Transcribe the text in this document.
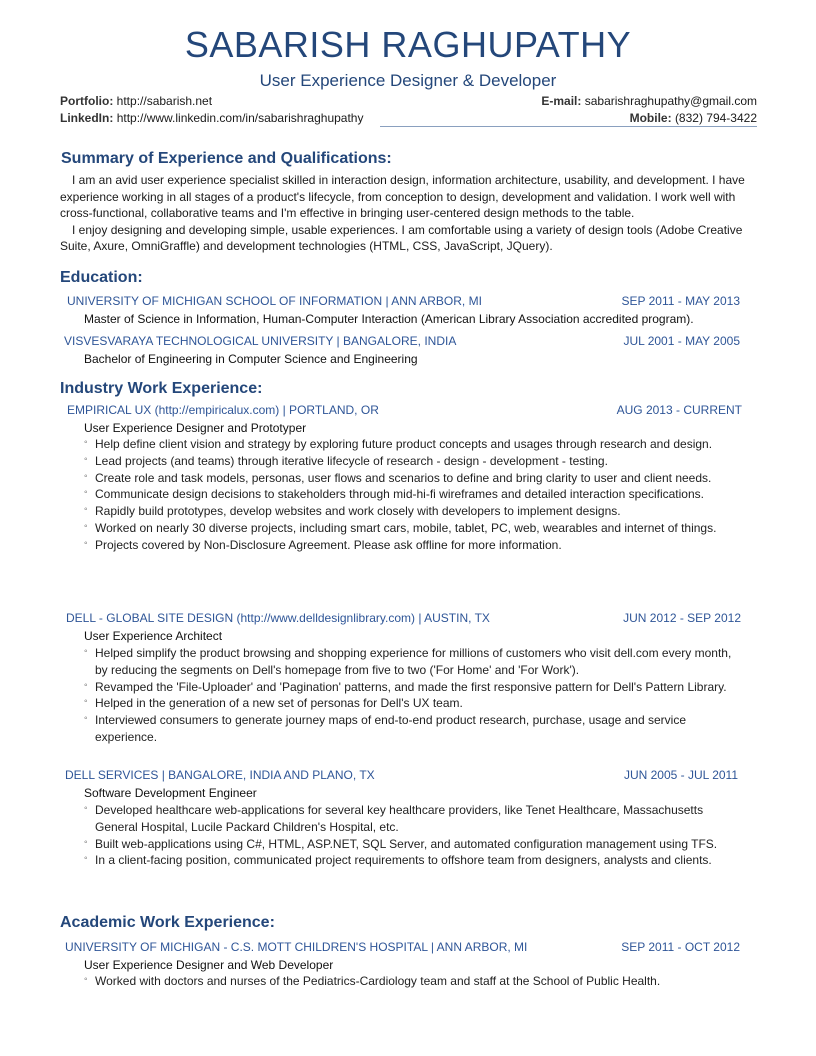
SABARISH RAGHUPATHY
User Experience Designer & Developer
Portfolio: http://sabarish.net	E-mail: sabarishraghupathy@gmail.com
LinkedIn: http://www.linkedin.com/in/sabarishraghupathy	Mobile: (832) 794-3422
Summary of Experience and Qualifications:

I am an avid user experience specialist skilled in interaction design, information architecture, usability, and development. I have experience working in all stages of a product's lifecycle, from conception to design, development and validation. I work well with cross-functional, collaborative teams and I'm effective in bringing user-centered design methods to the table.

I enjoy designing and developing simple, usable experiences. I am comfortable using a variety of design tools (Adobe Creative Suite, Axure, OmniGraffle) and development technologies (HTML, CSS, JavaScript, JQuery).

Education:
UNIVERSITY OF MICHIGAN SCHOOL OF INFORMATION | ANN ARBOR, MI	SEP 2011 - MAY 2013
Master of Science in Information, Human-Computer Interaction (American Library Association accredited program).
VISVESVARAYA TECHNOLOGICAL UNIVERSITY | BANGALORE, INDIA	JUL 2001 - MAY 2005
Bachelor of Engineering in Computer Science and Engineering
Industry Work Experience:
EMPIRICAL UX (http://empiricalux.com) | PORTLAND, OR	AUG 2013 - CURRENT
User Experience Designer and Prototyper
◦ Help define client vision and strategy by exploring future product concepts and usages through research and design.
◦ Lead projects (and teams) through iterative lifecycle of research - design - development - testing.
◦ Create role and task models, personas, user flows and scenarios to define and bring clarity to user and client needs.
◦ Communicate design decisions to stakeholders through mid-hi-fi wireframes and detailed interaction specifications.
◦ Rapidly build prototypes, develop websites and work closely with developers to implement designs.
◦ Worked on nearly 30 diverse projects, including smart cars, mobile, tablet, PC, web, wearables and internet of things.
◦ Projects covered by Non-Disclosure Agreement. Please ask offline for more information.
DELL - GLOBAL SITE DESIGN (http://www.delldesignlibrary.com) | AUSTIN, TX	JUN 2012 - SEP 2012
User Experience Architect
◦ Helped simplify the product browsing and shopping experience for millions of customers who visit dell.com every month, by reducing the segments on Dell's homepage from five to two ('For Home' and 'For Work').
◦ Revamped the 'File-Uploader' and 'Pagination' patterns, and made the first responsive pattern for Dell's Pattern Library.
◦ Helped in the generation of a new set of personas for Dell's UX team.
◦ Interviewed consumers to generate journey maps of end-to-end product research, purchase, usage and service experience.
DELL SERVICES | BANGALORE, INDIA AND PLANO, TX	JUN 2005 - JUL 2011
Software Development Engineer
◦ Developed healthcare web-applications for several key healthcare providers, like Tenet Healthcare, Massachusetts General Hospital, Lucile Packard Children's Hospital, etc.
◦ Built web-applications using C#, HTML, ASP.NET, SQL Server, and automated configuration management using TFS.
◦ In a client-facing position, communicated project requirements to offshore team from designers, analysts and clients.
Academic Work Experience:
UNIVERSITY OF MICHIGAN - C.S. MOTT CHILDREN'S HOSPITAL | ANN ARBOR, MI	SEP 2011 - OCT 2012
User Experience Designer and Web Developer
◦ Worked with doctors and nurses of the Pediatrics-Cardiology team and staff at the School of Public Health.
